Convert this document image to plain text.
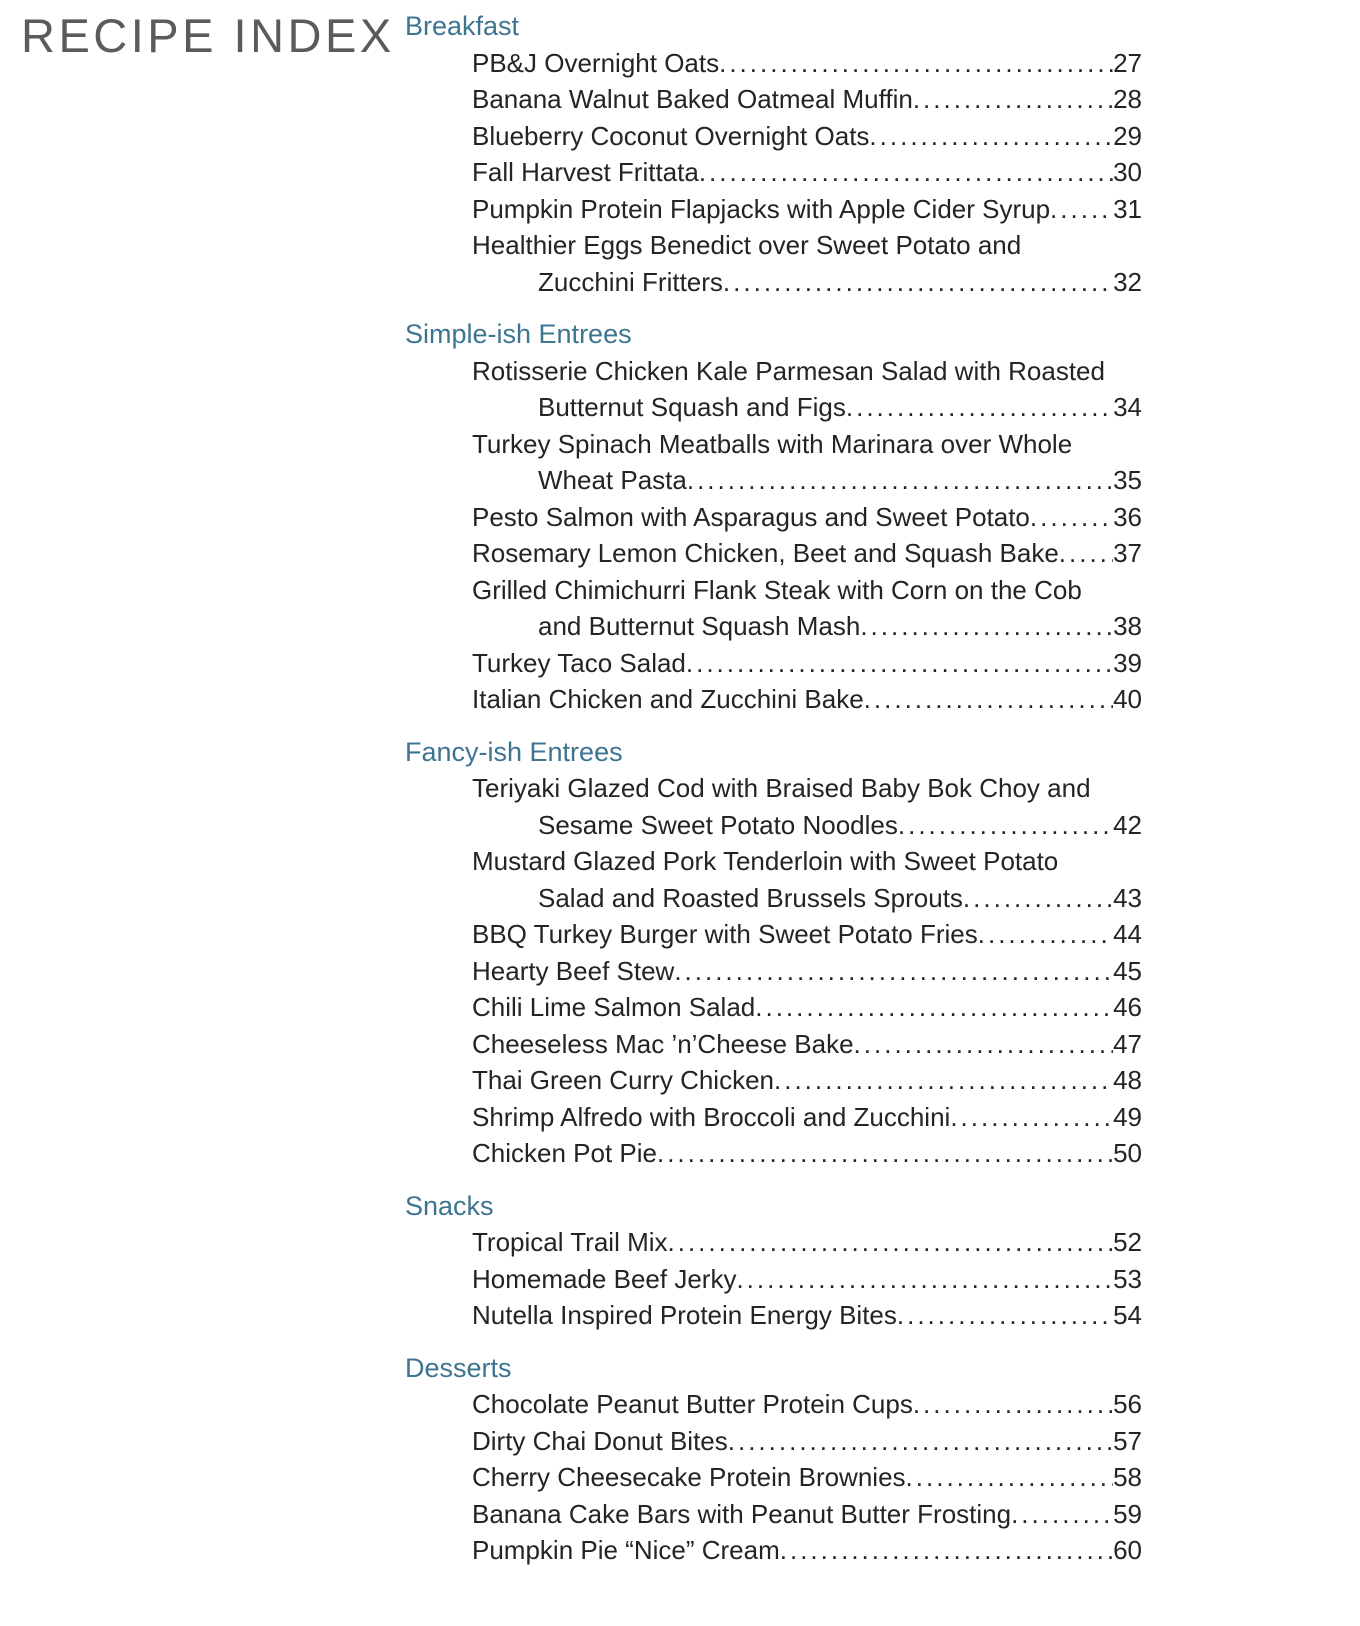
RECIPE INDEX Breakfast
PB&J Overnight Oats .....	27
Banana Walnut Baked Oatmeal Muffin .....	28
Blueberry Coconut Overnight Oats .....	29
Fall Harvest Frittata .....	30
Pumpkin Protein Flapjacks with Apple Cider Syrup ..... 31
Healthier Eggs Benedict over Sweet Potato and
Zucchini Fritters .....	32
Simple-ish Entrees
Rotisserie Chicken Kale Parmesan Salad with Roasted
Butternut Squash and Figs .....	34
Turkey Spinach Meatballs with Marinara over Whole
Wheat Pasta .....	35
Pesto Salmon with Asparagus and Sweet Potato .....	36
Rosemary Lemon Chicken, Beet and Squash Bake ..... 37
Grilled Chimichurri Flank Steak with Corn on the Cob
and Butternut Squash Mash .....	38
Turkey Taco Salad .....	39
Italian Chicken and Zucchini Bake .....	40
Fancy-ish Entrees
Teriyaki Glazed Cod with Braised Baby Bok Choy and
Sesame Sweet Potato Noodles .....	42
Mustard Glazed Pork Tenderloin with Sweet Potato
Salad and Roasted Brussels Sprouts .....	43
BBQ Turkey Burger with Sweet Potato Fries .....	44
Hearty Beef Stew .....	45
Chili Lime Salmon Salad .....	46
Cheeseless Mac ’n’Cheese Bake .....	47
Thai Green Curry Chicken .....	48
Shrimp Alfredo with Broccoli and Zucchini .....	49
Chicken Pot Pie .....	50
Snacks
Tropical Trail Mix .....	52
Homemade Beef Jerky .....	53
Nutella Inspired Protein Energy Bites .....	54
Desserts
Chocolate Peanut Butter Protein Cups .....	56
Dirty Chai Donut Bites .....	57
Cherry Cheesecake Protein Brownies .....	58
Banana Cake Bars with Peanut Butter Frosting .....	59
Pumpkin Pie “Nice” Cream .....	60
